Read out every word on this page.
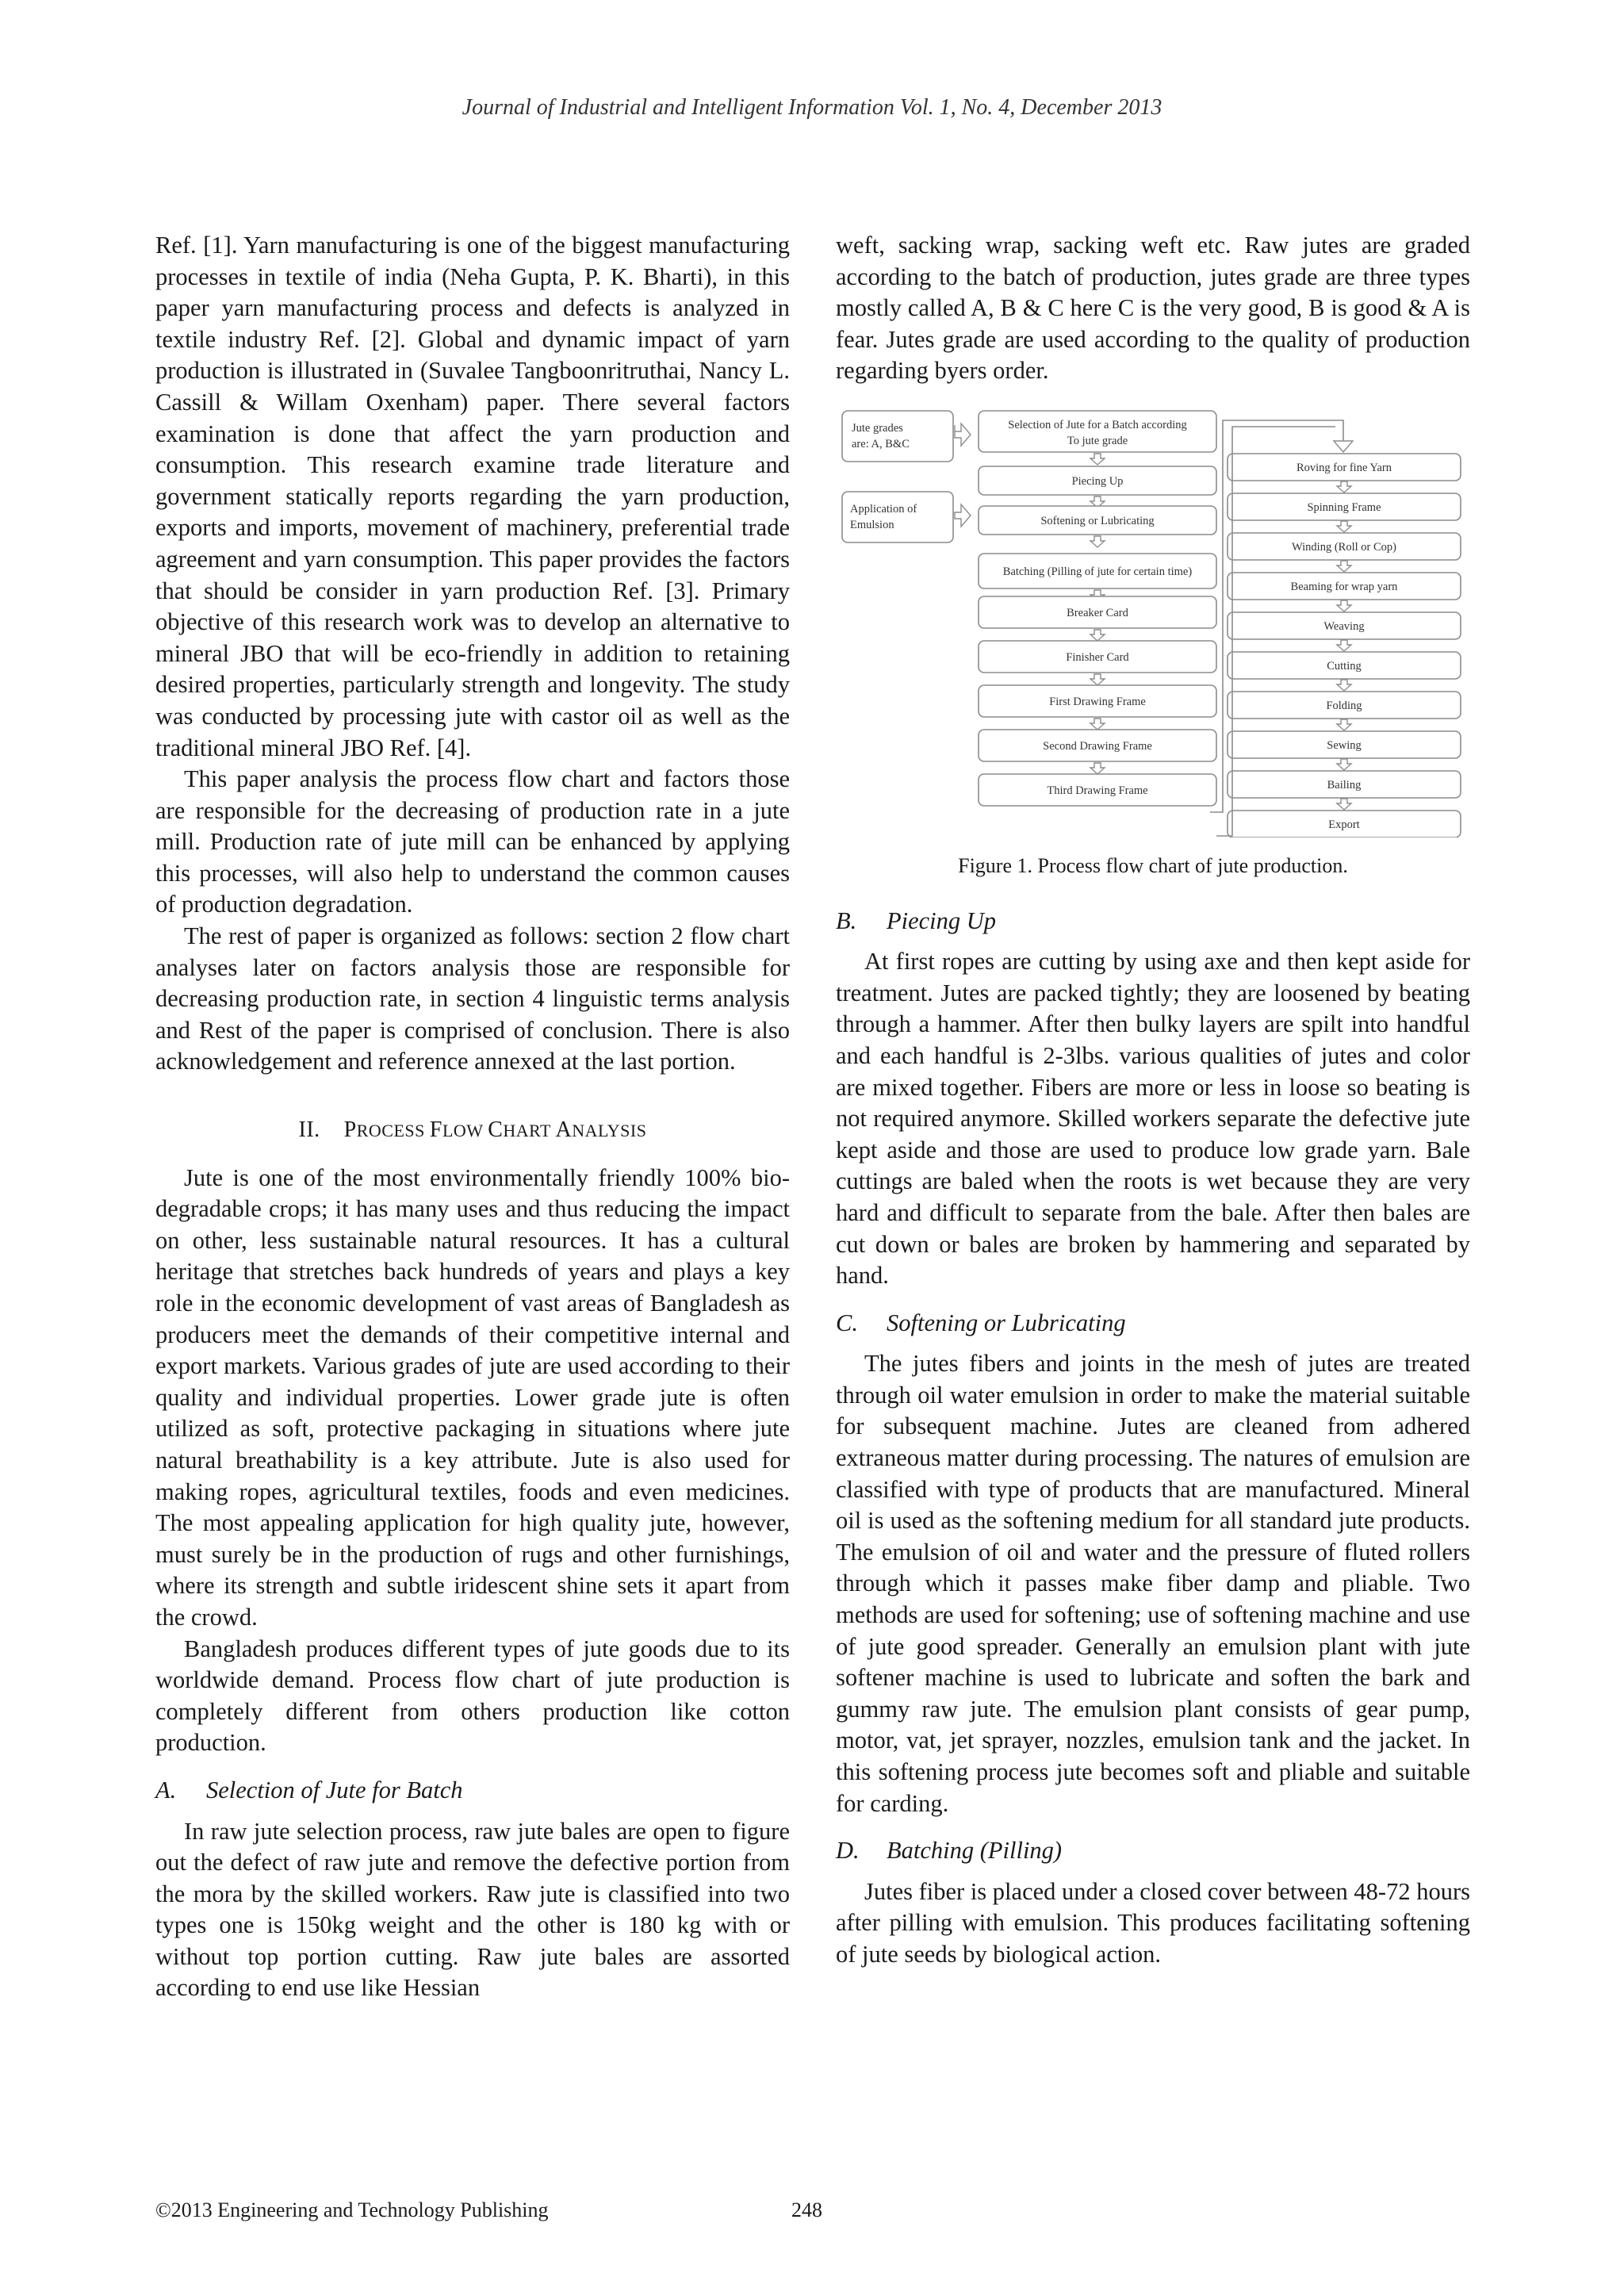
Journal of Industrial and Intelligent Information Vol. 1, No. 4, December 2013

Ref. [1]. Yarn manufacturing is one of the biggest manufacturing processes in textile of india (Neha Gupta, P. K. Bharti), in this paper yarn manufacturing process and defects is analyzed in textile industry Ref. [2]. Global and dynamic impact of yarn production is illustrated in (Suvalee Tangboonritruthai, Nancy L. Cassill & Willam Oxenham) paper. There several factors examination is done that affect the yarn production and consumption. This research examine trade literature and government statically reports regarding the yarn production, exports and imports, movement of machinery, preferential trade agreement and yarn consumption. This paper provides the factors that should be consider in yarn production Ref. [3]. Primary objective of this research work was to develop an alternative to mineral JBO that will be eco-friendly in addition to retaining desired properties, particularly strength and longevity. The study was conducted by processing jute with castor oil as well as the traditional mineral JBO Ref. [4].

This paper analysis the process flow chart and factors those are responsible for the decreasing of production rate in a jute mill. Production rate of jute mill can be enhanced by applying this processes, will also help to understand the common causes of production degradation.

The rest of paper is organized as follows: section 2 flow chart analyses later on factors analysis those are responsible for decreasing production rate, in section 4 linguistic terms analysis and Rest of the paper is comprised of conclusion. There is also acknowledgement and reference annexed at the last portion.

II. PROCESS FLOW CHART ANALYSIS

Jute is one of the most environmentally friendly 100% bio-degradable crops; it has many uses and thus reducing the impact on other, less sustainable natural resources. It has a cultural heritage that stretches back hundreds of years and plays a key role in the economic development of vast areas of Bangladesh as producers meet the demands of their competitive internal and export markets. Various grades of jute are used according to their quality and individual properties. Lower grade jute is often utilized as soft, protective packaging in situations where jute natural breathability is a key attribute. Jute is also used for making ropes, agricultural textiles, foods and even medicines. The most appealing application for high quality jute, however, must surely be in the production of rugs and other furnishings, where its strength and subtle iridescent shine sets it apart from the crowd.

Bangladesh produces different types of jute goods due to its worldwide demand. Process flow chart of jute production is completely different from others production like cotton production.

A. Selection of Jute for Batch

In raw jute selection process, raw jute bales are open to figure out the defect of raw jute and remove the defective portion from the mora by the skilled workers. Raw jute is classified into two types one is 150kg weight and the other is 180 kg with or without top portion cutting. Raw jute bales are assorted according to end use like Hessian

weft, sacking wrap, sacking weft etc. Raw jutes are graded according to the batch of production, jutes grade are three types mostly called A, B & C here C is the very good, B is good & A is fear. Jutes grade are used according to the quality of production regarding byers order.

Jute grades
are: A, B&C
Application of
Emulsion
Selection of Jute for a Batch according
To jute grade
Piecing Up
Softening or Lubricating
Batching (Pilling of jute for certain time)
Breaker Card
Finisher Card
First Drawing Frame
Second Drawing Frame
Third Drawing Frame
Roving for fine Yarn
Spinning Frame
Winding (Roll or Cop)
Beaming for wrap yarn
Weaving
Cutting
Folding
Sewing
Bailing
Export
Figure 1. Process flow chart of jute production.
B. Piecing Up

At first ropes are cutting by using axe and then kept aside for treatment. Jutes are packed tightly; they are loosened by beating through a hammer. After then bulky layers are spilt into handful and each handful is 2-3lbs. various qualities of jutes and color are mixed together. Fibers are more or less in loose so beating is not required anymore. Skilled workers separate the defective jute kept aside and those are used to produce low grade yarn. Bale cuttings are baled when the roots is wet because they are very hard and difficult to separate from the bale. After then bales are cut down or bales are broken by hammering and separated by hand.

C. Softening or Lubricating

The jutes fibers and joints in the mesh of jutes are treated through oil water emulsion in order to make the material suitable for subsequent machine. Jutes are cleaned from adhered extraneous matter during processing. The natures of emulsion are classified with type of products that are manufactured. Mineral oil is used as the softening medium for all standard jute products. The emulsion of oil and water and the pressure of fluted rollers through which it passes make fiber damp and pliable. Two methods are used for softening; use of softening machine and use of jute good spreader. Generally an emulsion plant with jute softener machine is used to lubricate and soften the bark and gummy raw jute. The emulsion plant consists of gear pump, motor, vat, jet sprayer, nozzles, emulsion tank and the jacket. In this softening process jute becomes soft and pliable and suitable for carding.

D. Batching (Pilling)

Jutes fiber is placed under a closed cover between 48-72 hours after pilling with emulsion. This produces facilitating softening of jute seeds by biological action.

©2013 Engineering and Technology Publishing	248
